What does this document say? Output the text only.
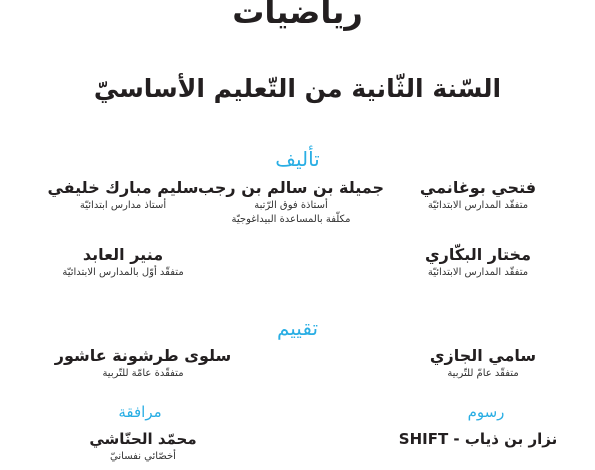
رياضيات
السّنة الثّانية من التّعليم الأساسيّ
تأليف
فتحي بوغانمي
متفقّد المدارس الابتدائيّة
جميلة بن سالم بن رجب
أستاذة فوق الرّتبة
مكلّفة بالمساعدة البيداغوجيّة
سليم مبارك خليفي
أستاذ مدارس ابتدائيّة
مختار البكّاري
متفقّد المدارس الابتدائيّة
منير العابد
متفقّد أوّل بالمدارس الابتدائيّة
تقييم
سامي الجازي
متفقّد عامّ للتّربية
سلوى طرشونة عاشور
متفقّدة عامّة للتّربية
رسوم
مرافقة
نزار بن ذياب - SHIFT
محمّد الحنّاشي
أخصّائي نفسانيّ
